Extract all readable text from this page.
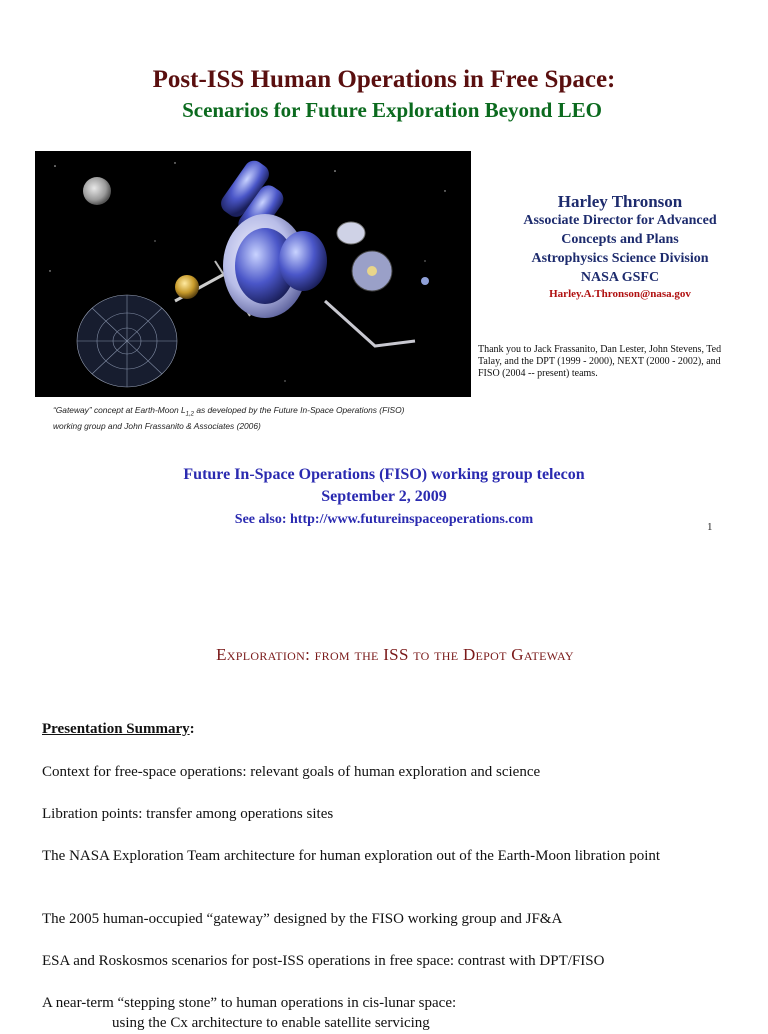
Post-ISS Human Operations in Free Space:
Scenarios for Future Exploration Beyond LEO
“Gateway” concept at Earth-Moon $L_{1,2}$ as developed by the Future In-Space Operations (FISO)
working group and John Frassanito & Associates (2006)
Harley Thronson
Associate Director for Advanced
Concepts and Plans
Astrophysics Science Division
NASA GSFC
Harley.A.Thronson@nasa.gov
Thank you to Jack Frassanito, Dan Lester, John Stevens, Ted Talay, and the DPT (1999 - 2000), NEXT (2000 - 2002), and FISO (2004 -- present) teams.
Future In-Space Operations (FISO) working group telecon
September 2, 2009
See also: http://www.futureinspaceoperations.com	1
Exploration: from the ISS to the Depot Gateway
Presentation Summary:
Context for free-space operations: relevant goals of human exploration and science
Libration points: transfer among operations sites
The NASA Exploration Team architecture for human exploration out of the Earth-Moon libration point
The 2005 human-occupied “gateway” designed by the FISO working group and JF&A
ESA and Roskosmos scenarios for post-ISS operations in free space: contrast with DPT/FISO
A near-term “stepping stone” to human operations in cis-lunar space:
using the Cx architecture to enable satellite servicing
